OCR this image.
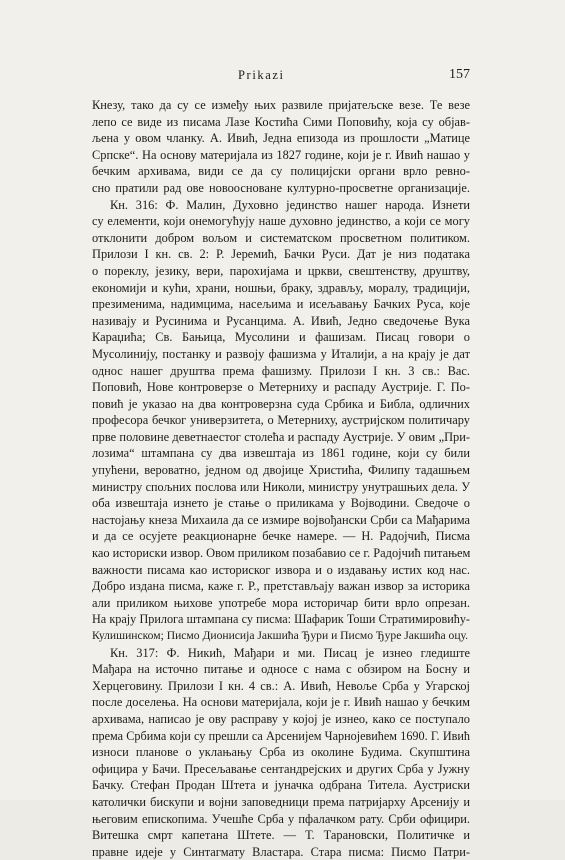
Prikazi	157
Кнезу, тако да су се између њих развиле пријатељске везе. Те везе
лепо се виде из писама Лазе Костића Сими Поповићу, која су објав-
љена у овом чланку. А. Ивић, Једна епизода из прошлости „Матице
Српске“. На основу материјала из 1827 године, који је г. Ивић нашао у
бечким архивама, види се да су полицијски органи врло ревно-
сно пратили рад ове новооснованe културно-просветне организације.
Кн. 316: Ф. Малин, Духовно јединство нашег народа. Изнети
су елементи, који онемогућују наше духовно јединство, а који се могу
отклонити добром вољом и систематском просветном политиком.
Прилози I кн. св. 2: Р. Јеремић, Бачки Руси. Дат је низ података
о пореклу, језику, вери, парохијама и цркви, свештенству, друштву,
економији и кући, храни, ношњи, браку, здрављу, моралу, традицији,
презименима, надимцима, насељима и исељавању Бачких Руса, које
називају и Русинима и Русанцима. А. Ивић, Једно сведочење Вука
Караџића; Св. Бањица, Мусолини и фашизам. Писац говори о
Мусолинију, постанку и развоју фашизма у Италији, а на крају је дат
однос нашег друштва према фашизму. Прилози I кн. 3 св.: Вас.
Поповић, Нове контроверзе о Метерниху и распаду Аустрије. Г. По-
повић је указао на два контроверзна суда Србика и Библа, одличних
професора бечког универзитета, о Метерниху, аустријском политичару
прве половине деветнаестог столећа и распаду Аустрије. У овим „При-
лозима“ штампана су два извештаја из 1861 године, који су били
упућени, вероватно, једном од двојице Христића, Филипу тадашњем
министру спољних послова или Николи, министру унутрашњих дела. У
оба извештаја изнето је стање о приликама у Војводини. Сведоче о
настојању кнеза Михаила да се измире војвођански Срби са Мађарима
и да се осујете реакционарне бечке намере. — Н. Радојчић, Писма
као историски извор. Овом приликом позабавио се г. Радојчић питањем
важности писама као историског извора и о издавању истих код нас.
Добро издана писма, каже г. Р., претстављају важан извор за историка
али приликом њихове употребе мора историчар бити врло опрезан.
На крају Прилога штампана су писма: Шафарик Тоши Стратимировићу-
Кулишинском; Писмо Дионисија Јакшића Ђури и Писмо Ђуре Јакшића оцу.
Кн. 317: Ф. Никић, Мађари и ми. Писац је изнео гледиште
Мађара на источно питање и односе с нама с обзиром на Босну и
Херцеговину. Прилози I кн. 4 св.: А. Ивић, Невоље Срба у Угарској
после доселења. На основи материјала, који је г. Ивић нашао у бечким
архивама, написао је ову расправу у којој је изнео, како се поступало
према Србима који су прешли са Арсенијем Чарнојевићем 1690. Г. Ивић
износи планове о уклањању Срба из околине Будима. Скупштина
официра у Бачи. Пресељавање сентандрејских и других Срба у Јужну
Бачку. Стефан Продан Штета и јуначка одбрана Титела. Аустриски
католички бискупи и војни заповедници према патријарху Арсенију и
његовим епископима. Учешће Срба у пфалачком рату. Срби официри.
Витешка смрт капетана Штете. — Т. Тарановски, Политичке и
правне идеје у Синтагмату Властара. Стара писма: Писмо Патри-
